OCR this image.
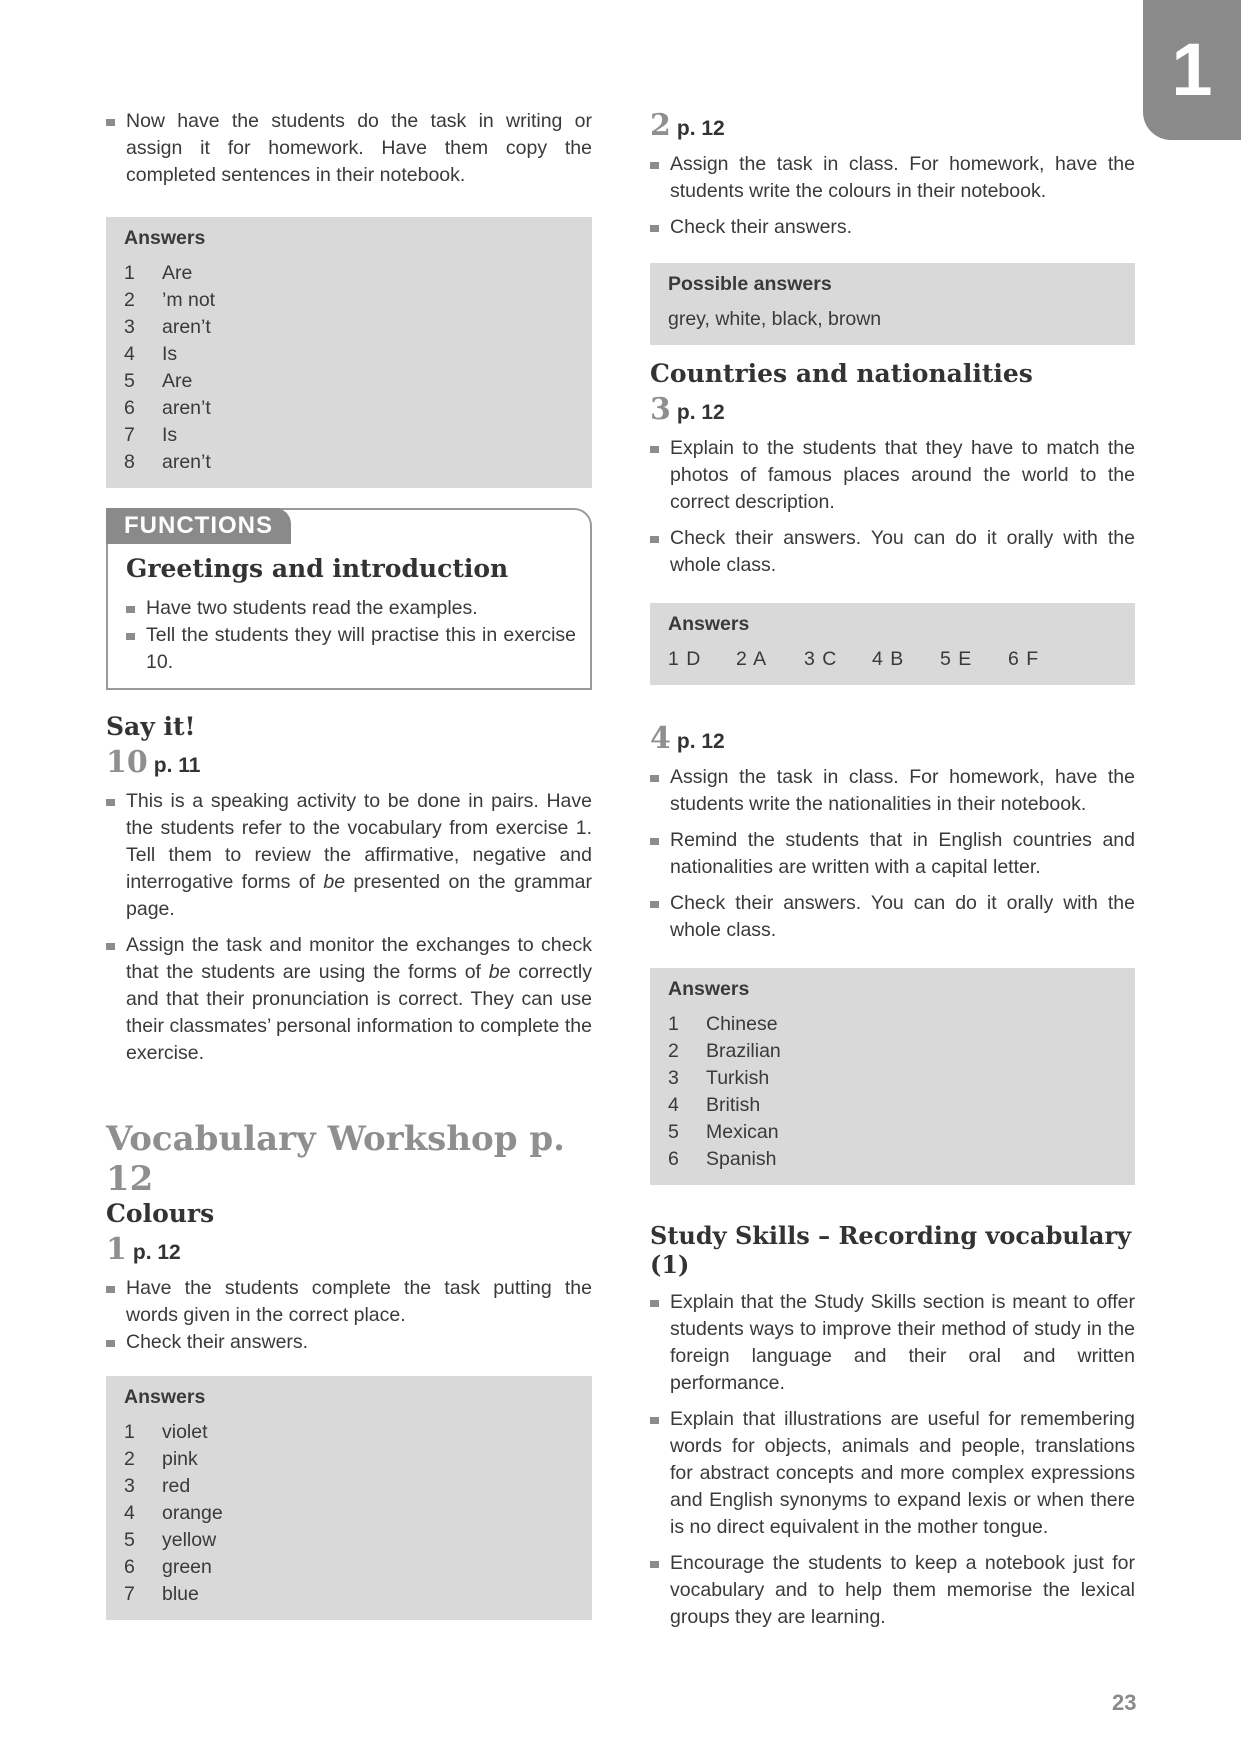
1

Now have the students do the task in writing or assign it for homework. Have them copy the completed sentences in their notebook.

Answers
1	Are
2	’m not
3	aren’t
4	Is
5	Are
6	aren’t
7	Is
8	aren’t
FUNCTIONS
Greetings and introduction

Have two students read the examples.

Tell the students they will practise this in exercise 10.

Say it!
10 p. 11

This is a speaking activity to be done in pairs. Have the students refer to the vocabulary from exercise 1. Tell them to review the affirmative, negative and interrogative forms of be presented on the grammar page.

Assign the task and monitor the exchanges to check that the students are using the forms of be correctly and that their pronunciation is correct. They can use their classmates’ personal information to complete the exercise.

Vocabulary Workshop p. 12
Colours
1 p. 12

Have the students complete the task putting the words given in the correct place.

Check their answers.

Answers
1	violet
2	pink
3	red
4	orange
5	yellow
6	green
7	blue
2 p. 12

Assign the task in class. For homework, have the students write the colours in their notebook.

Check their answers.

Possible answers
grey, white, black, brown
Countries and nationalities
3 p. 12

Explain to the students that they have to match the photos of famous places around the world to the correct description.

Check their answers. You can do it orally with the whole class.

Answers
1 D	2 A	3 C	4 B	5 E	6 F
4 p. 12

Assign the task in class. For homework, have the students write the nationalities in their notebook.

Remind the students that in English countries and nationalities are written with a capital letter.

Check their answers. You can do it orally with the whole class.

Answers
1	Chinese
2	Brazilian
3	Turkish
4	British
5	Mexican
6	Spanish
Study Skills – Recording vocabulary (1)

Explain that the Study Skills section is meant to offer students ways to improve their method of study in the foreign language and their oral and written performance.

Explain that illustrations are useful for remembering words for objects, animals and people, translations for abstract concepts and more complex expressions and English synonyms to expand lexis or when there is no direct equivalent in the mother tongue.

Encourage the students to keep a notebook just for vocabulary and to help them memorise the lexical groups they are learning.

23
